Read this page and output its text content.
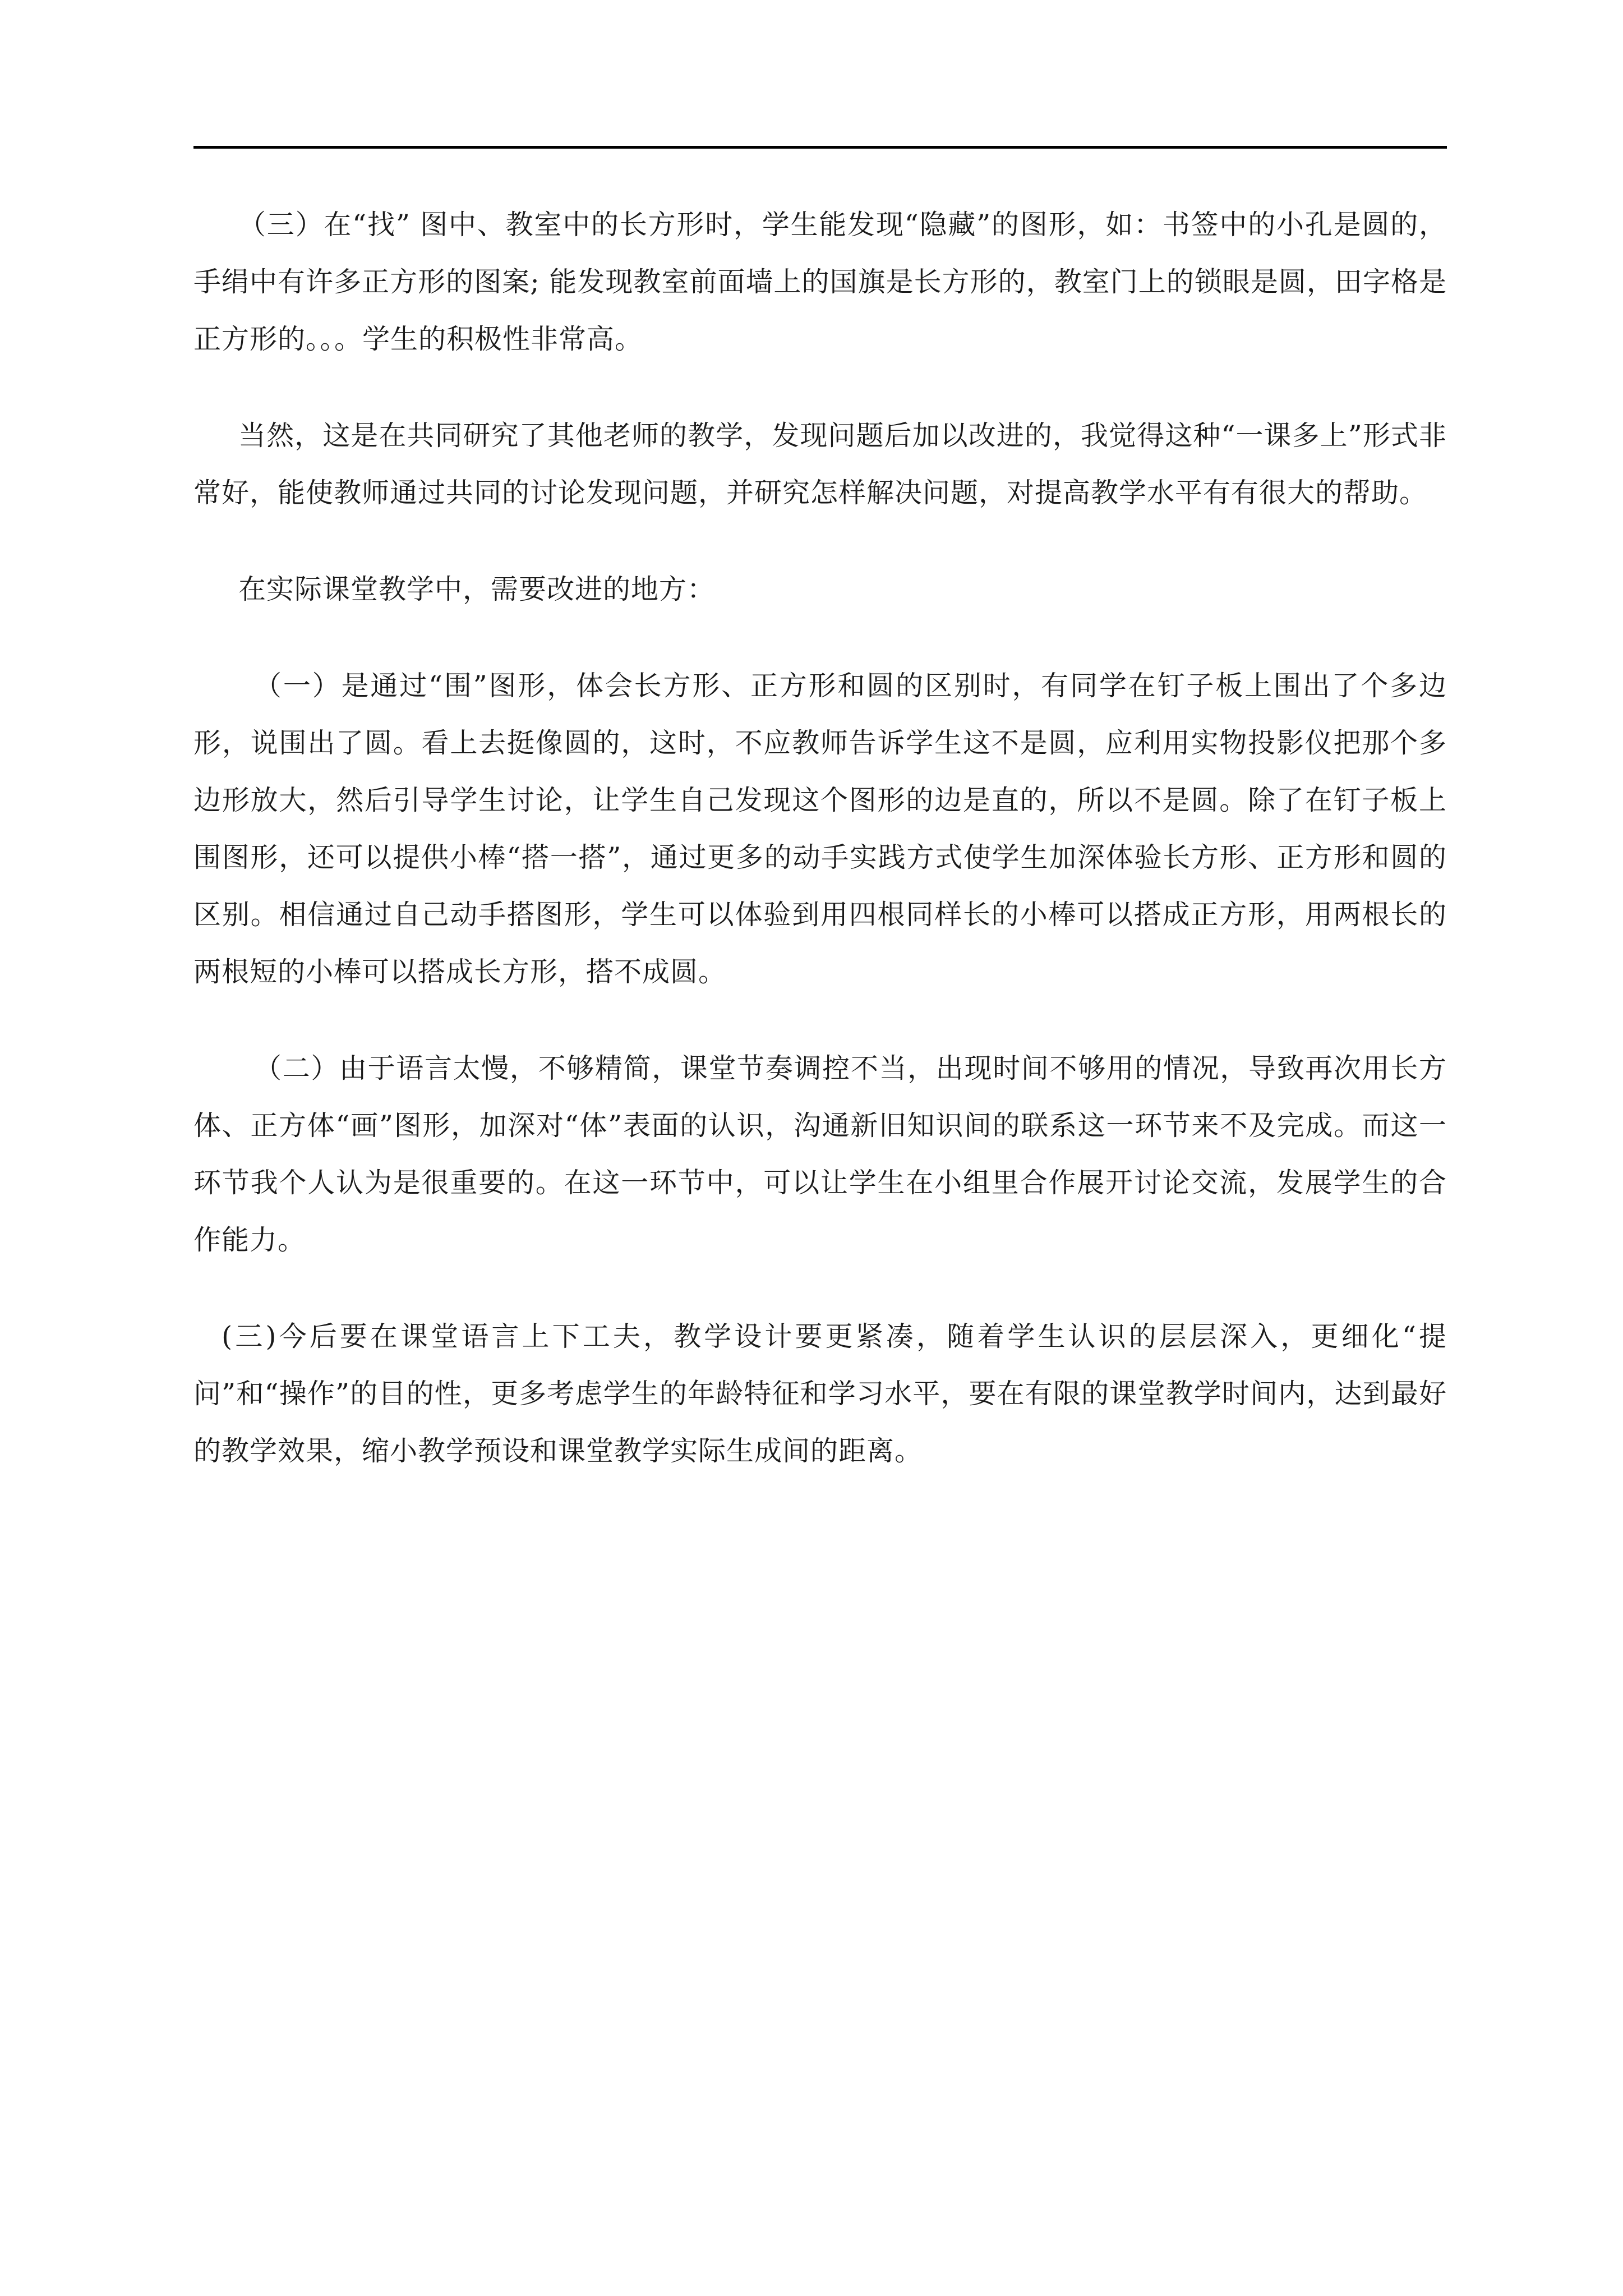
（三）在“找” 图中、教室中的长方形时，学生能发现“隐藏”的图形，如：书签中的小孔是圆的，手绢中有许多正方形的图案; 能发现教室前面墙上的国旗是长方形的，教室门上的锁眼是圆，田字格是正方形的。。。学生的积极性非常高。

当然，这是在共同研究了其他老师的教学，发现问题后加以改进的，我觉得这种“一课多上”形式非常好，能使教师通过共同的讨论发现问题，并研究怎样解决问题，对提高教学水平有有很大的帮助。

在实际课堂教学中，需要改进的地方：

（一）是通过“围”图形，体会长方形、正方形和圆的区别时，有同学在钉子板上围出了个多边形，说围出了圆。看上去挺像圆的，这时，不应教师告诉学生这不是圆，应利用实物投影仪把那个多边形放大，然后引导学生讨论，让学生自己发现这个图形的边是直的，所以不是圆。除了在钉子板上围图形，还可以提供小棒“搭一搭”，通过更多的动手实践方式使学生加深体验长方形、正方形和圆的区别。相信通过自己动手搭图形，学生可以体验到用四根同样长的小棒可以搭成正方形，用两根长的两根短的小棒可以搭成长方形，搭不成圆。

（二）由于语言太慢，不够精简，课堂节奏调控不当，出现时间不够用的情况，导致再次用长方体、正方体“画”图形，加深对“体”表面的认识，沟通新旧知识间的联系这一环节来不及完成。而这一环节我个人认为是很重要的。在这一环节中，可以让学生在小组里合作展开讨论交流，发展学生的合作能力。

(三)今后要在课堂语言上下工夫，教学设计要更紧凑，随着学生认识的层层深入，更细化“提问”和“操作”的目的性，更多考虑学生的年龄特征和学习水平，要在有限的课堂教学时间内，达到最好的教学效果，缩小教学预设和课堂教学实际生成间的距离。
